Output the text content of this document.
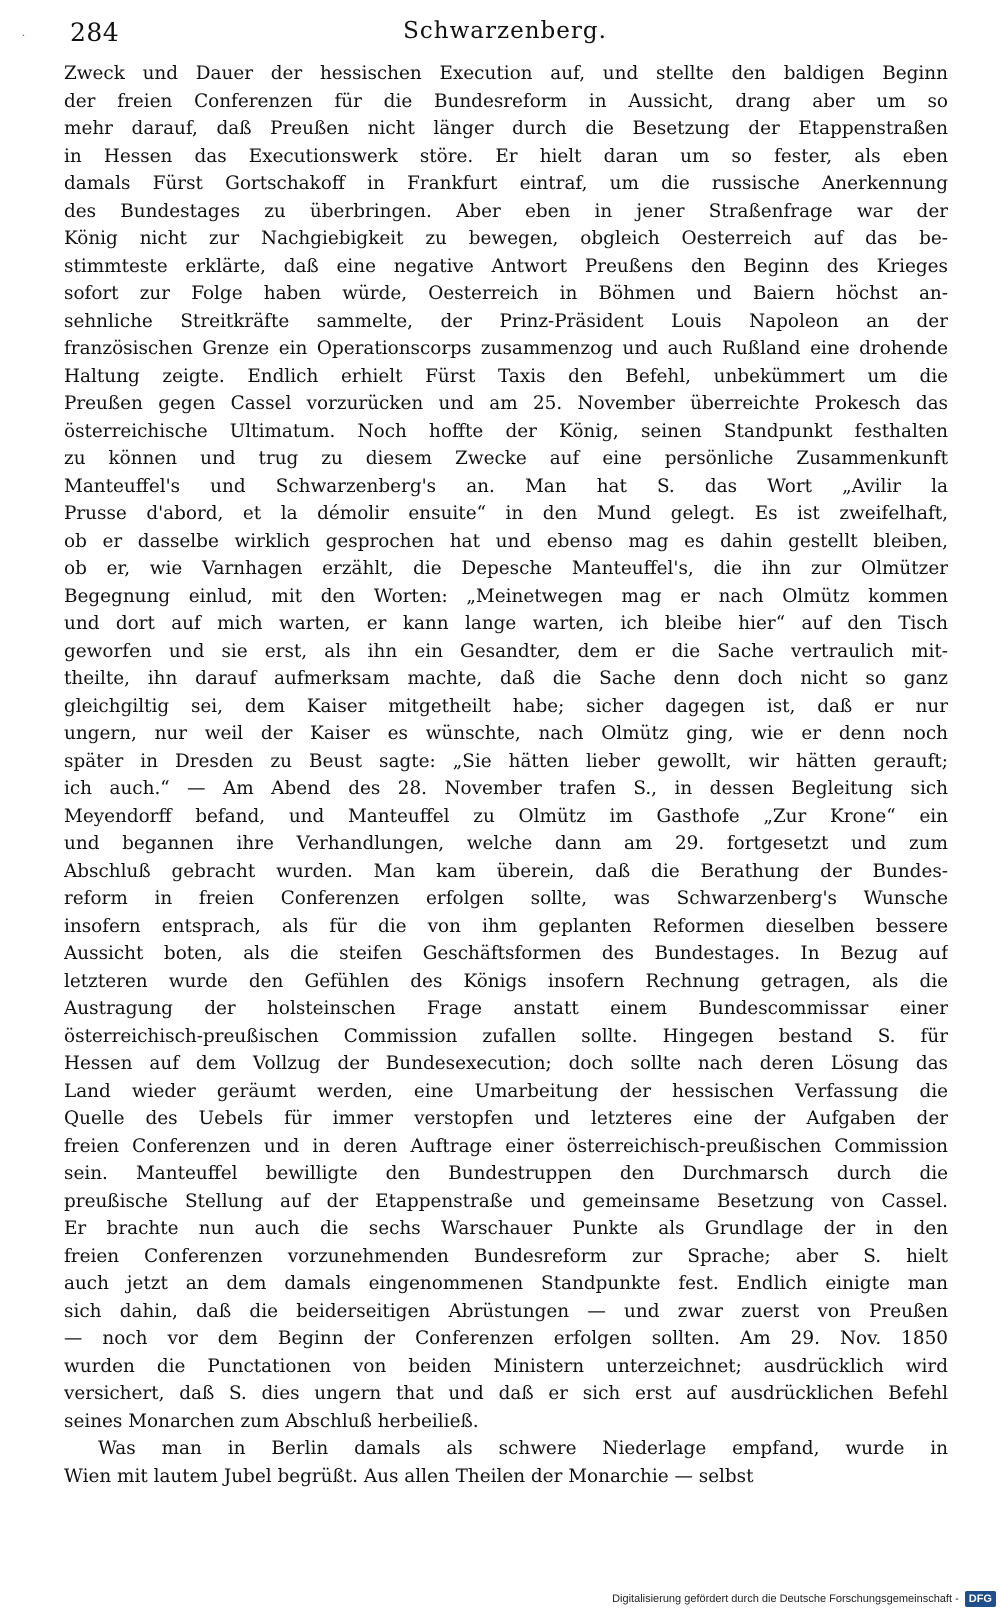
. 284	Schwarzenberg.
Zweck und Dauer der hessischen Execution auf, und stellte den baldigen Beginn
der freien Conferenzen für die Bundesreform in Aussicht, drang aber um so
mehr darauf, daß Preußen nicht länger durch die Besetzung der Etappenstraßen
in Hessen das Executionswerk störe. Er hielt daran um so fester, als eben
damals Fürst Gortschakoff in Frankfurt eintraf, um die russische Anerkennung
des Bundestages zu überbringen. Aber eben in jener Straßenfrage war der
König nicht zur Nachgiebigkeit zu bewegen, obgleich Oesterreich auf das be-
stimmteste erklärte, daß eine negative Antwort Preußens den Beginn des Krieges
sofort zur Folge haben würde, Oesterreich in Böhmen und Baiern höchst an-
sehnliche Streitkräfte sammelte, der Prinz-Präsident Louis Napoleon an der
französischen Grenze ein Operationscorps zusammenzog und auch Rußland eine drohende
Haltung zeigte. Endlich erhielt Fürst Taxis den Befehl, unbekümmert um die
Preußen gegen Cassel vorzurücken und am 25. November überreichte Prokesch das
österreichische Ultimatum. Noch hoffte der König, seinen Standpunkt festhalten
zu können und trug zu diesem Zwecke auf eine persönliche Zusammenkunft
Manteuffel's und Schwarzenberg's an. Man hat S. das Wort „Avilir la
Prusse d'abord, et la démolir ensuite“ in den Mund gelegt. Es ist zweifelhaft,
ob er dasselbe wirklich gesprochen hat und ebenso mag es dahin gestellt bleiben,
ob er, wie Varnhagen erzählt, die Depesche Manteuffel's, die ihn zur Olmützer
Begegnung einlud, mit den Worten: „Meinetwegen mag er nach Olmütz kommen
und dort auf mich warten, er kann lange warten, ich bleibe hier“ auf den Tisch
geworfen und sie erst, als ihn ein Gesandter, dem er die Sache vertraulich mit-
theilte, ihn darauf aufmerksam machte, daß die Sache denn doch nicht so ganz
gleichgiltig sei, dem Kaiser mitgetheilt habe; sicher dagegen ist, daß er nur
ungern, nur weil der Kaiser es wünschte, nach Olmütz ging, wie er denn noch
später in Dresden zu Beust sagte: „Sie hätten lieber gewollt, wir hätten gerauft;
ich auch.“ — Am Abend des 28. November trafen S., in dessen Begleitung sich
Meyendorff befand, und Manteuffel zu Olmütz im Gasthofe „Zur Krone“ ein
und begannen ihre Verhandlungen, welche dann am 29. fortgesetzt und zum
Abschluß gebracht wurden. Man kam überein, daß die Berathung der Bundes-
reform in freien Conferenzen erfolgen sollte, was Schwarzenberg's Wunsche
insofern entsprach, als für die von ihm geplanten Reformen dieselben bessere
Aussicht boten, als die steifen Geschäftsformen des Bundestages. In Bezug auf
letzteren wurde den Gefühlen des Königs insofern Rechnung getragen, als die
Austragung der holsteinschen Frage anstatt einem Bundescommissar einer
österreichisch-preußischen Commission zufallen sollte. Hingegen bestand S. für
Hessen auf dem Vollzug der Bundesexecution; doch sollte nach deren Lösung das
Land wieder geräumt werden, eine Umarbeitung der hessischen Verfassung die
Quelle des Uebels für immer verstopfen und letzteres eine der Aufgaben der
freien Conferenzen und in deren Auftrage einer österreichisch-preußischen Commission
sein. Manteuffel bewilligte den Bundestruppen den Durchmarsch durch die
preußische Stellung auf der Etappenstraße und gemeinsame Besetzung von Cassel.
Er brachte nun auch die sechs Warschauer Punkte als Grundlage der in den
freien Conferenzen vorzunehmenden Bundesreform zur Sprache; aber S. hielt
auch jetzt an dem damals eingenommenen Standpunkte fest. Endlich einigte man
sich dahin, daß die beiderseitigen Abrüstungen — und zwar zuerst von Preußen
— noch vor dem Beginn der Conferenzen erfolgen sollten. Am 29. Nov. 1850
wurden die Punctationen von beiden Ministern unterzeichnet; ausdrücklich wird
versichert, daß S. dies ungern that und daß er sich erst auf ausdrücklichen Befehl
seines Monarchen zum Abschluß herbeiließ.
Was man in Berlin damals als schwere Niederlage empfand, wurde in
Wien mit lautem Jubel begrüßt. Aus allen Theilen der Monarchie — selbst
Digitalisierung gefördert durch die Deutsche Forschungsgemeinschaft - DFG
